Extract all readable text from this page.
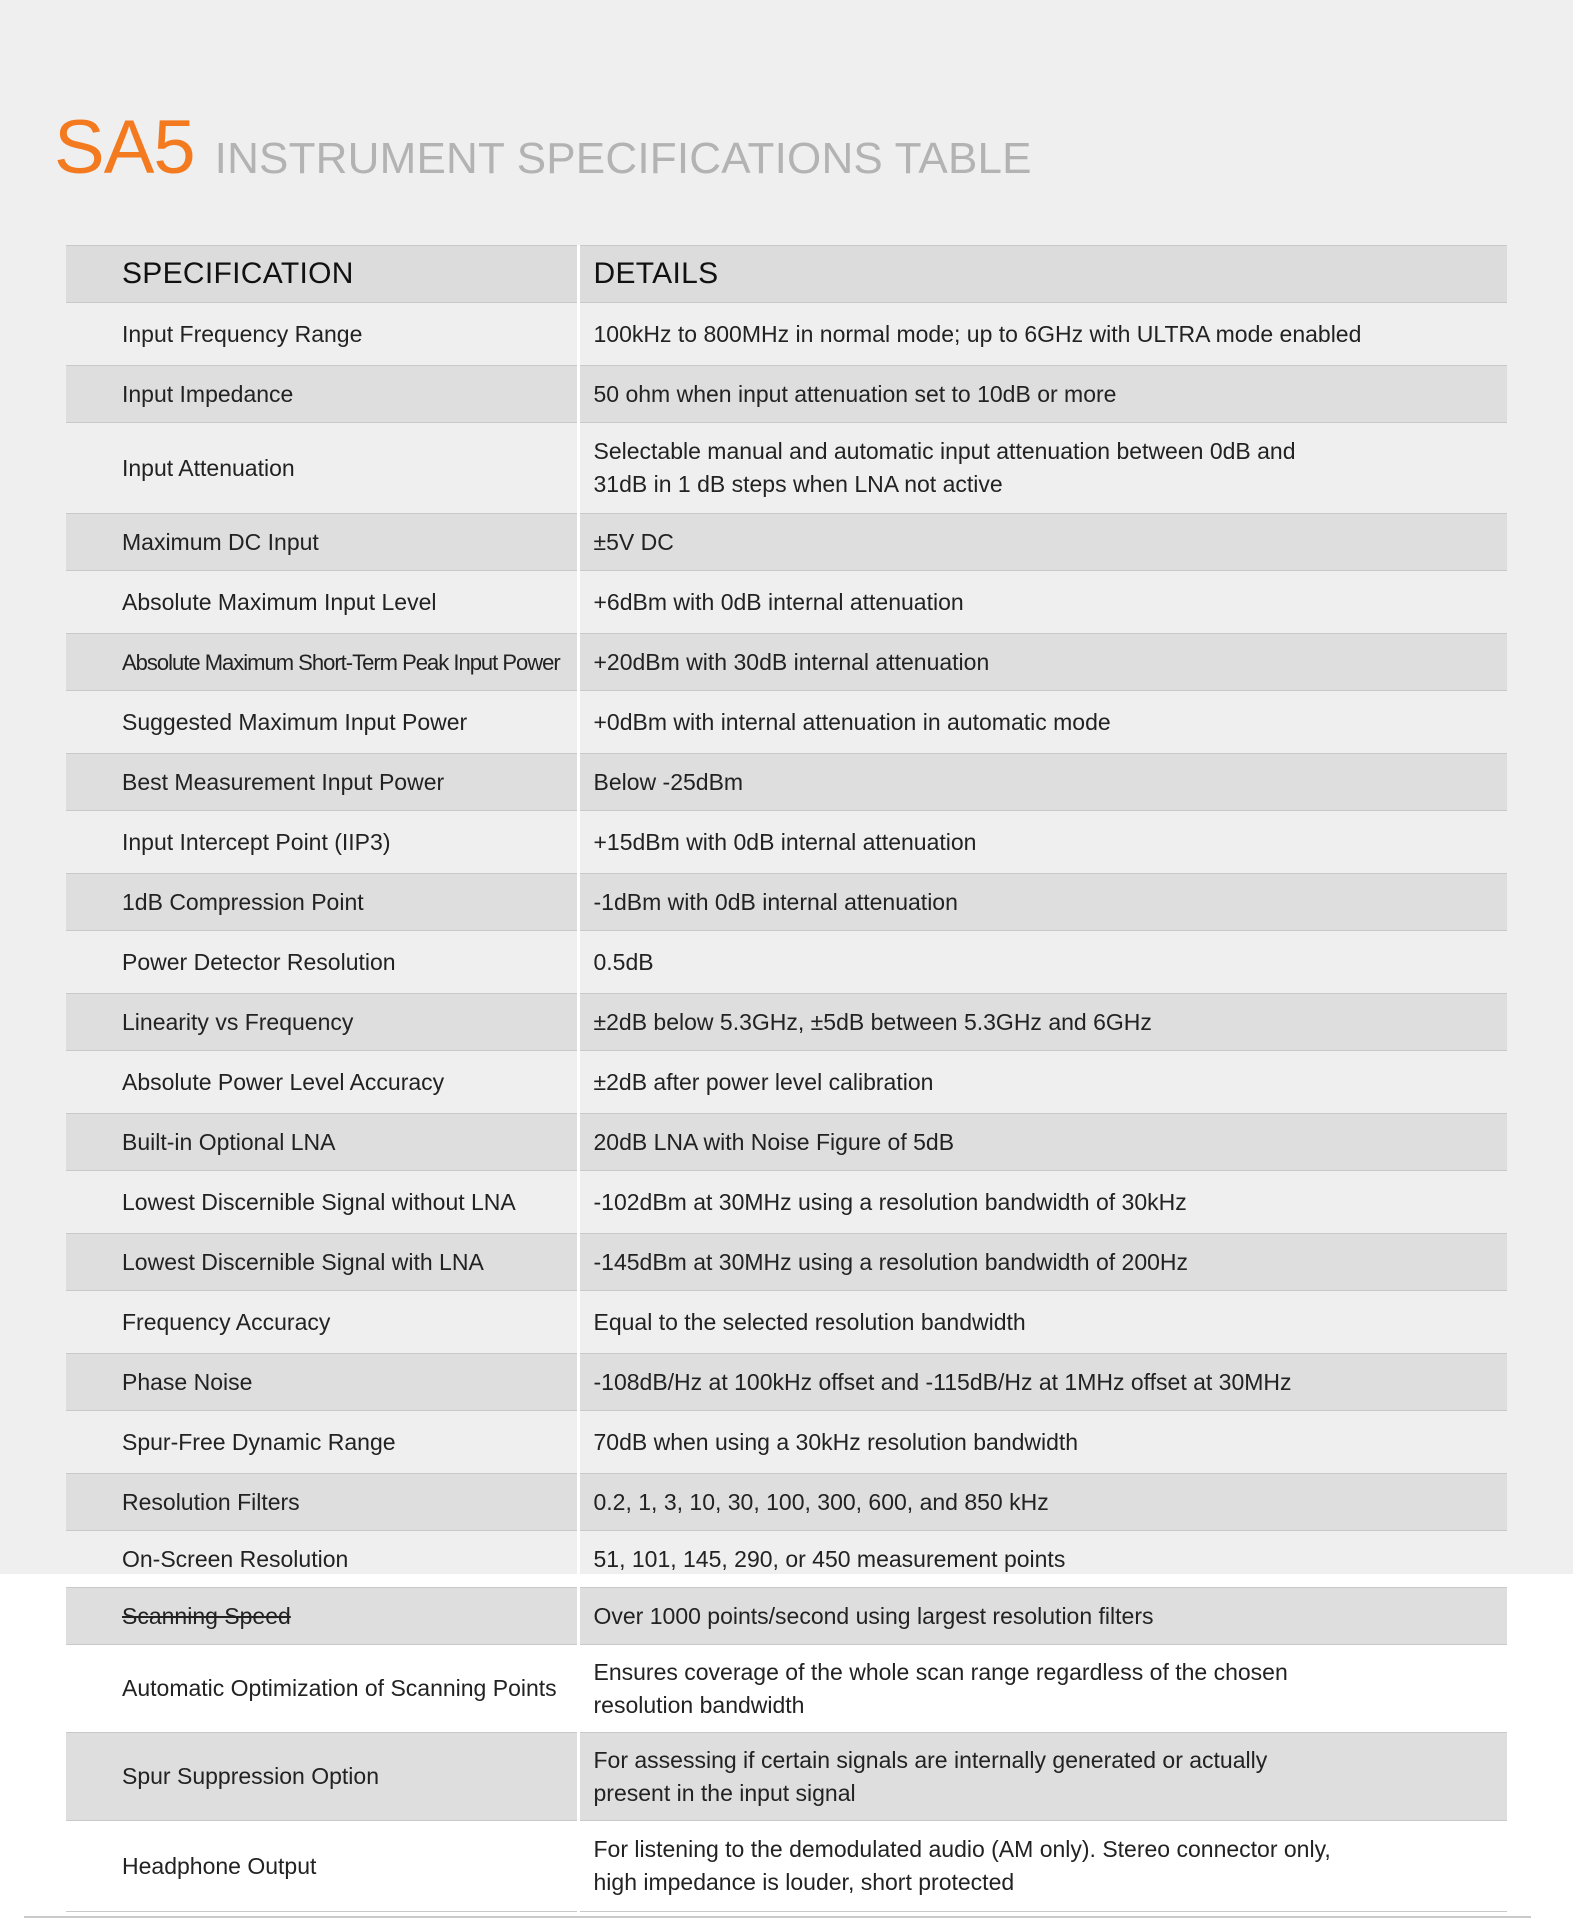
SA5 INSTRUMENT SPECIFICATIONS TABLE
SPECIFICATION	DETAILS
Input Frequency Range	100kHz to 800MHz in normal mode; up to 6GHz with ULTRA mode enabled
Input Impedance	50 ohm when input attenuation set to 10dB or more
Input Attenuation	Selectable manual and automatic input attenuation between 0dB and 31dB in 1 dB steps when LNA not active

Maximum DC Input	±5V DC
Absolute Maximum Input Level	+6dBm with 0dB internal attenuation
Absolute Maximum Short-Term Peak Input Power	+20dBm with 30dB internal attenuation
Suggested Maximum Input Power	+0dBm with internal attenuation in automatic mode
Best Measurement Input Power	Below -25dBm
Input Intercept Point (IIP3)	+15dBm with 0dB internal attenuation
1dB Compression Point	-1dBm with 0dB internal attenuation
Power Detector Resolution	0.5dB
Linearity vs Frequency	±2dB below 5.3GHz, ±5dB between 5.3GHz and 6GHz
Absolute Power Level Accuracy	±2dB after power level calibration
Built-in Optional LNA	20dB LNA with Noise Figure of 5dB
Lowest Discernible Signal without LNA	-102dBm at 30MHz using a resolution bandwidth of 30kHz
Lowest Discernible Signal with LNA	-145dBm at 30MHz using a resolution bandwidth of 200Hz
Frequency Accuracy	Equal to the selected resolution bandwidth
Phase Noise	-108dB/Hz at 100kHz offset and -115dB/Hz at 1MHz offset at 30MHz
Spur-Free Dynamic Range	70dB when using a 30kHz resolution bandwidth
Resolution Filters	0.2, 1, 3, 10, 30, 100, 300, 600, and 850 kHz
On-Screen Resolution	51, 101, 145, 290, or 450 measurement points
Scanning Speed	Over 1000 points/second using largest resolution filters
Automatic Optimization of Scanning Points	Ensures coverage of the whole scan range regardless of the chosen resolution bandwidth

Spur Suppression Option	For assessing if certain signals are internally generated or actually present in the input signal

Headphone Output	For listening to the demodulated audio (AM only). Stereo connector only, high impedance is louder, short protected
